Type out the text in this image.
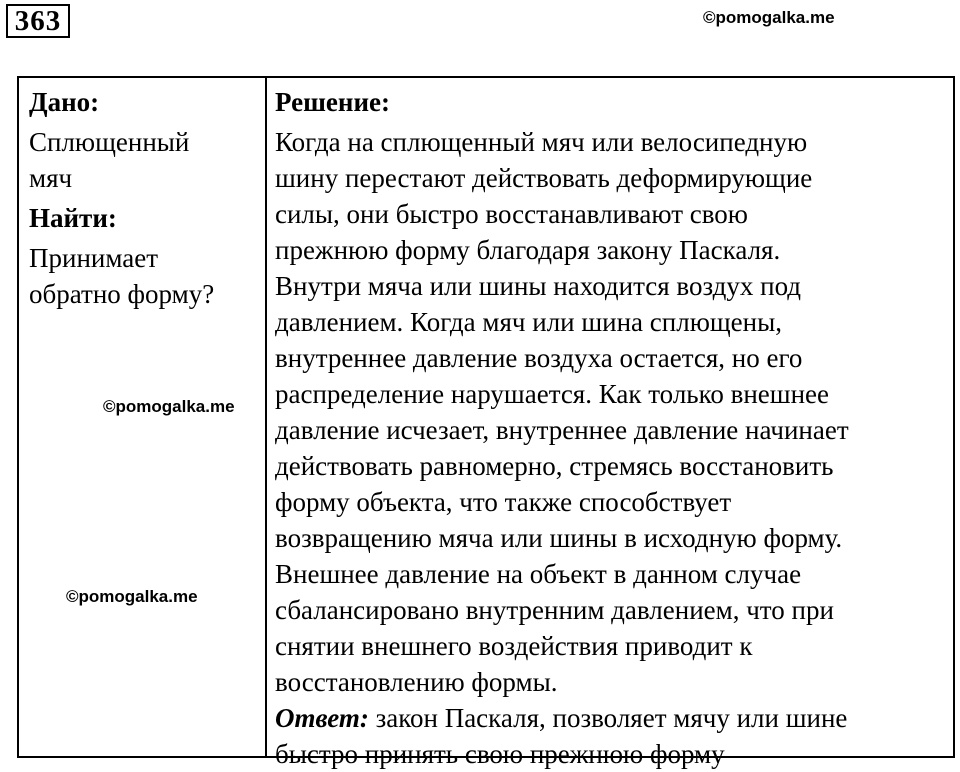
363	©pomogalka.me
Дано:
Сплющенный
мяч
Найти:
Принимает
обратно форму?
Решение:
Когда на сплющенный мяч или велосипедную
шину перестают действовать деформирующие
силы, они быстро восстанавливают свою
прежнюю форму благодаря закону Паскаля.
Внутри мяча или шины находится воздух под
давлением. Когда мяч или шина сплющены,
внутреннее давление воздуха остается, но его
распределение нарушается. Как только внешнее
давление исчезает, внутреннее давление начинает
действовать равномерно, стремясь восстановить
форму объекта, что также способствует
возвращению мяча или шины в исходную форму.
Внешнее давление на объект в данном случае
сбалансировано внутренним давлением, что при
снятии внешнего воздействия приводит к
восстановлению формы.
Ответ: закон Паскаля, позволяет мячу или шине
быстро принять свою прежнюю форму
©pomogalka.me
©pomogalka.me
